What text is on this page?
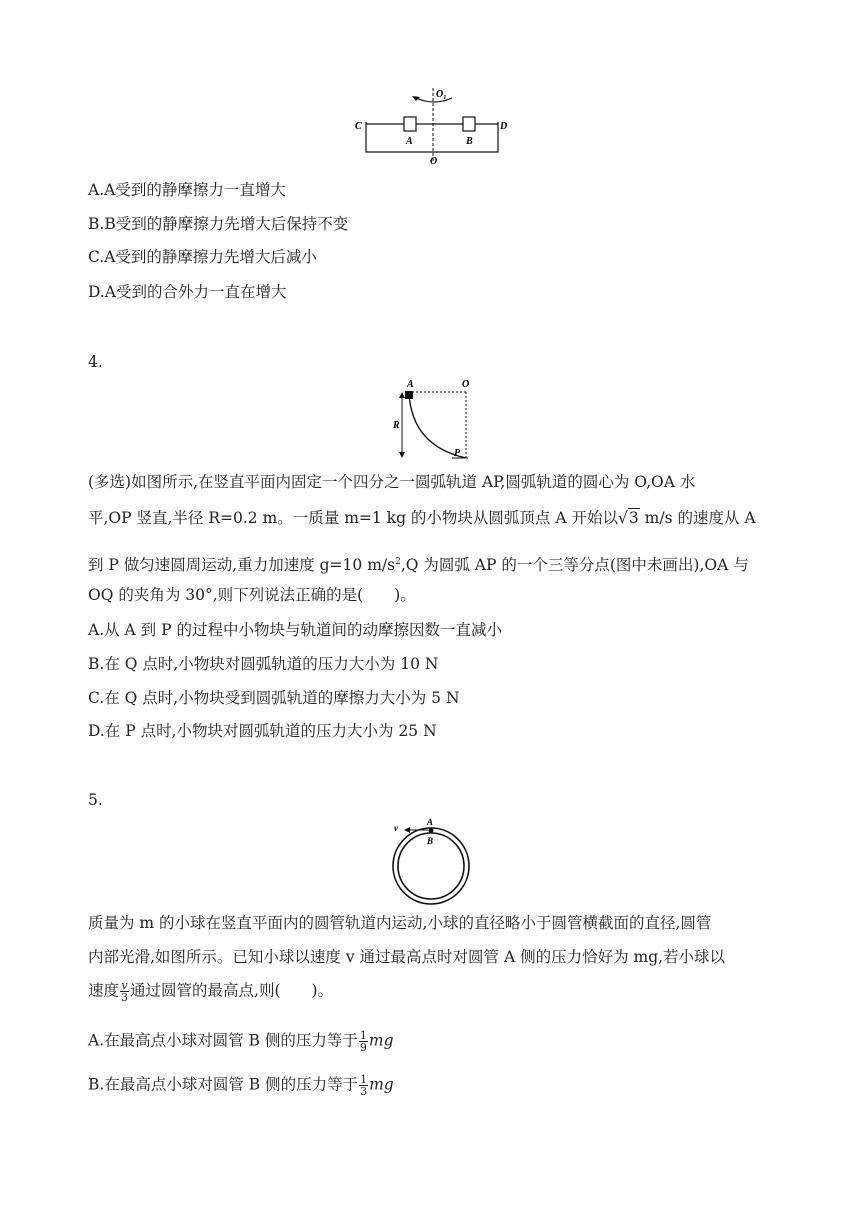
O₁
C	D
A	B
O
A.A受到的静摩擦力一直增大
B.B受到的静摩擦力先增大后保持不变
C.A受到的静摩擦力先增大后减小
D.A受到的合外力一直在增大
4.
A	O
R
P
(多选)如图所示,在竖直平面内固定一个四分之一圆弧轨道 AP,圆弧轨道的圆心为 O,OA 水
平,OP 竖直,半径 R=0.2 m。一质量 m=1 kg 的小物块从圆弧顶点 A 开始以√3 m/s 的速度从 A
到 P 做匀速圆周运动,重力加速度 g=10 $m/s^2,Q$ 为圆弧 AP 的一个三等分点(图中未画出),OA 与
OQ 的夹角为 30°,则下列说法正确的是(　　)。
A.从 A 到 P 的过程中小物块与轨道间的动摩擦因数一直减小
B.在 Q 点时,小物块对圆弧轨道的压力大小为 10 N
C.在 Q 点时,小物块受到圆弧轨道的摩擦力大小为 5 N
D.在 P 点时,小物块对圆弧轨道的压力大小为 25 N
5.
v
A
B
质量为 m 的小球在竖直平面内的圆管轨道内运动,小球的直径略小于圆管横截面的直径,圆管
内部光滑,如图所示。已知小球以速度 v 通过最高点时对圆管 A 侧的压力恰好为 mg,若小球以
速度 $\frac{v}{3}$ 通过圆管的最高点,则(　　)。
A.在最高点小球对圆管 B 侧的压力等于 $\frac{1}{9}$ mg
B.在最高点小球对圆管 B 侧的压力等于 $\frac{1}{3}$ mg
